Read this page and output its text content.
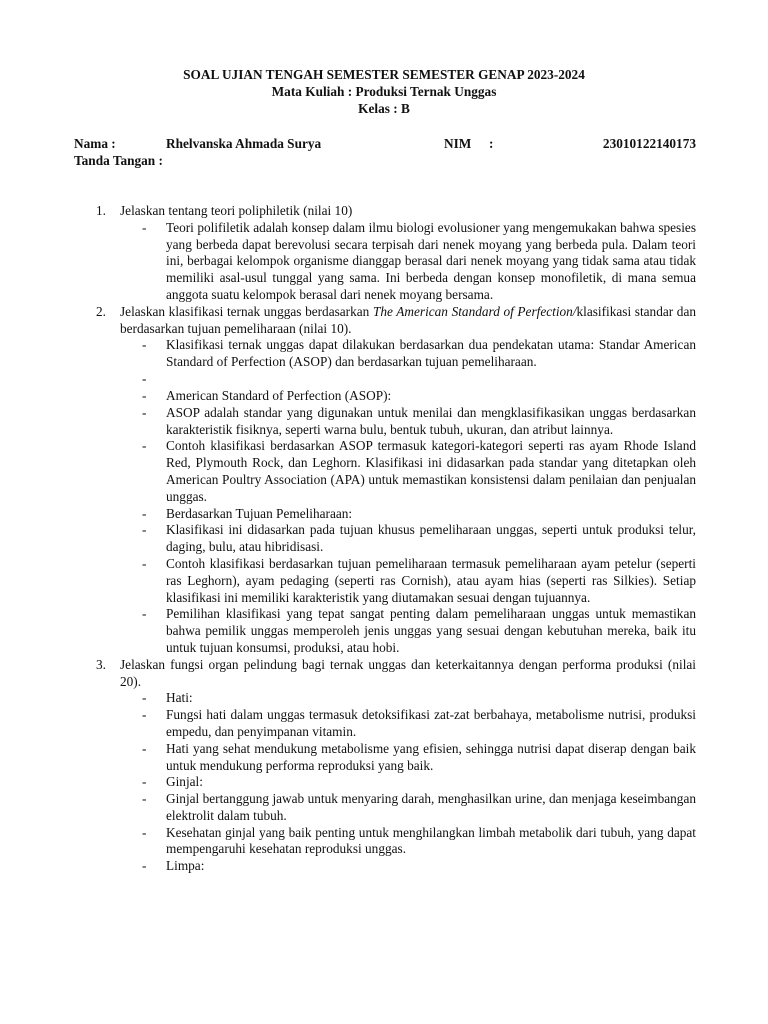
SOAL UJIAN TENGAH SEMESTER SEMESTER GENAP 2023-2024
Mata Kuliah : Produksi Ternak Unggas
Kelas : B
Nama :	Rhelvanska Ahmada Surya	NIM :	23010122140173
Tanda Tangan :
1. Jelaskan tentang teori poliphiletik (nilai 10)
- Teori polifiletik adalah konsep dalam ilmu biologi evolusioner yang mengemukakan bahwa spesies yang berbeda dapat berevolusi secara terpisah dari nenek moyang yang berbeda pula. Dalam teori ini, berbagai kelompok organisme dianggap berasal dari nenek moyang yang tidak sama atau tidak memiliki asal-usul tunggal yang sama. Ini berbeda dengan konsep monofiletik, di mana semua anggota suatu kelompok berasal dari nenek moyang bersama.
2. Jelaskan klasifikasi ternak unggas berdasarkan The American Standard of Perfection/klasifikasi standar dan berdasarkan tujuan pemeliharaan (nilai 10).
- Klasifikasi ternak unggas dapat dilakukan berdasarkan dua pendekatan utama: Standar American Standard of Perfection (ASOP) dan berdasarkan tujuan pemeliharaan.
-
- American Standard of Perfection (ASOP):
- ASOP adalah standar yang digunakan untuk menilai dan mengklasifikasikan unggas berdasarkan karakteristik fisiknya, seperti warna bulu, bentuk tubuh, ukuran, dan atribut lainnya.
- Contoh klasifikasi berdasarkan ASOP termasuk kategori-kategori seperti ras ayam Rhode Island Red, Plymouth Rock, dan Leghorn. Klasifikasi ini didasarkan pada standar yang ditetapkan oleh American Poultry Association (APA) untuk memastikan konsistensi dalam penilaian dan penjualan unggas.
- Berdasarkan Tujuan Pemeliharaan:
- Klasifikasi ini didasarkan pada tujuan khusus pemeliharaan unggas, seperti untuk produksi telur, daging, bulu, atau hibridisasi.
- Contoh klasifikasi berdasarkan tujuan pemeliharaan termasuk pemeliharaan ayam petelur (seperti ras Leghorn), ayam pedaging (seperti ras Cornish), atau ayam hias (seperti ras Silkies). Setiap klasifikasi ini memiliki karakteristik yang diutamakan sesuai dengan tujuannya.
- Pemilihan klasifikasi yang tepat sangat penting dalam pemeliharaan unggas untuk memastikan bahwa pemilik unggas memperoleh jenis unggas yang sesuai dengan kebutuhan mereka, baik itu untuk tujuan konsumsi, produksi, atau hobi.
3. Jelaskan fungsi organ pelindung bagi ternak unggas dan keterkaitannya dengan performa produksi (nilai 20).
- Hati:
- Fungsi hati dalam unggas termasuk detoksifikasi zat-zat berbahaya, metabolisme nutrisi, produksi empedu, dan penyimpanan vitamin.
- Hati yang sehat mendukung metabolisme yang efisien, sehingga nutrisi dapat diserap dengan baik untuk mendukung performa reproduksi yang baik.
- Ginjal:
- Ginjal bertanggung jawab untuk menyaring darah, menghasilkan urine, dan menjaga keseimbangan elektrolit dalam tubuh.
- Kesehatan ginjal yang baik penting untuk menghilangkan limbah metabolik dari tubuh, yang dapat mempengaruhi kesehatan reproduksi unggas.
- Limpa:
